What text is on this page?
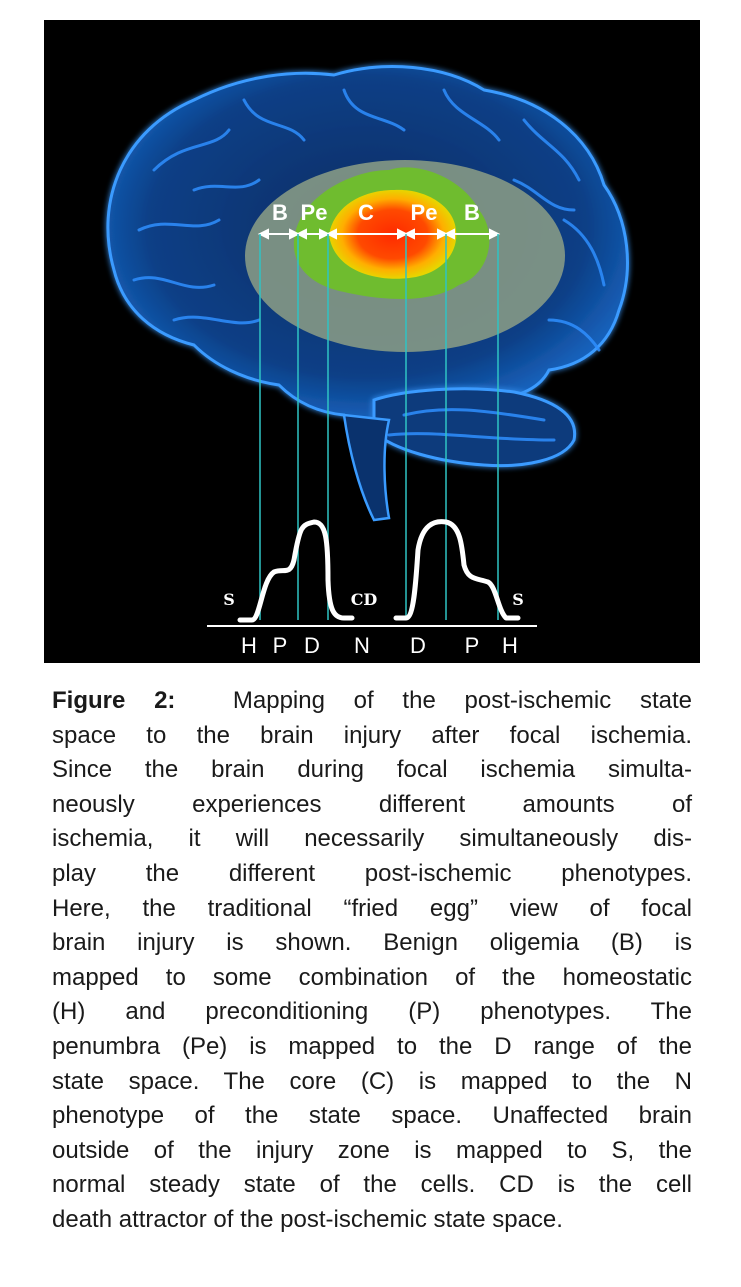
B Pe C Pe B
S	CD	S
H P D N D P H
Figure 2: Mapping of the post-ischemic state
space to the brain injury after focal ischemia.
Since the brain during focal ischemia simulta-
neously experiences different amounts of
ischemia, it will necessarily simultaneously dis-
play the different post-ischemic phenotypes.
Here, the traditional “fried egg” view of focal
brain injury is shown. Benign oligemia (B) is
mapped to some combination of the homeostatic
(H) and preconditioning (P) phenotypes. The
penumbra (Pe) is mapped to the D range of the
state space. The core (C) is mapped to the N
phenotype of the state space. Unaffected brain
outside of the injury zone is mapped to S, the
normal steady state of the cells. CD is the cell
death attractor of the post-ischemic state space.
